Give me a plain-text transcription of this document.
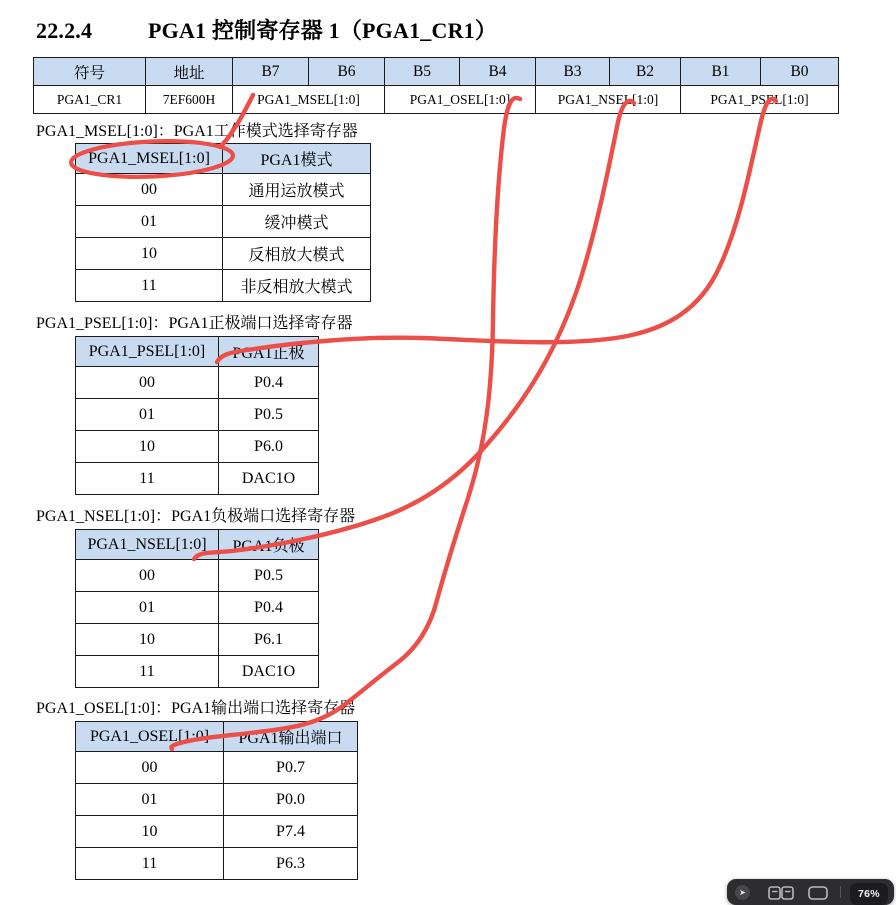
22.2.4	PGA1 控制寄存器 1（PGA1_CR1）
符号	地址	B7	B6	B5	B4	B3	B2	B1	B0
PGA1_CR1	7EF600H	PGA1_MSEL[1:0]		PGA1_OSEL[1:0]		PGA1_NSEL[1:0]		PGA1_PSEL[1:0]	
PGA1_MSEL[1:0]：PGA1工作模式选择寄存器
PGA1_MSEL[1:0]	PGA1模式
00	通用运放模式
01	缓冲模式
10	反相放大模式
11	非反相放大模式
PGA1_PSEL[1:0]：PGA1正极端口选择寄存器
PGA1_PSEL[1:0]	PGA1正极
00	P0.4
01	P0.5
10	P6.0
11	DAC1O
PGA1_NSEL[1:0]：PGA1负极端口选择寄存器
PGA1_NSEL[1:0]	PGA1负极
00	P0.5
01	P0.4
10	P6.1
11	DAC1O
PGA1_OSEL[1:0]：PGA1输出端口选择寄存器
PGA1_OSEL[1:0]	PGA1输出端口
00	P0.7
01	P0.0
10	P7.4
11	P6.3
➤	76%
